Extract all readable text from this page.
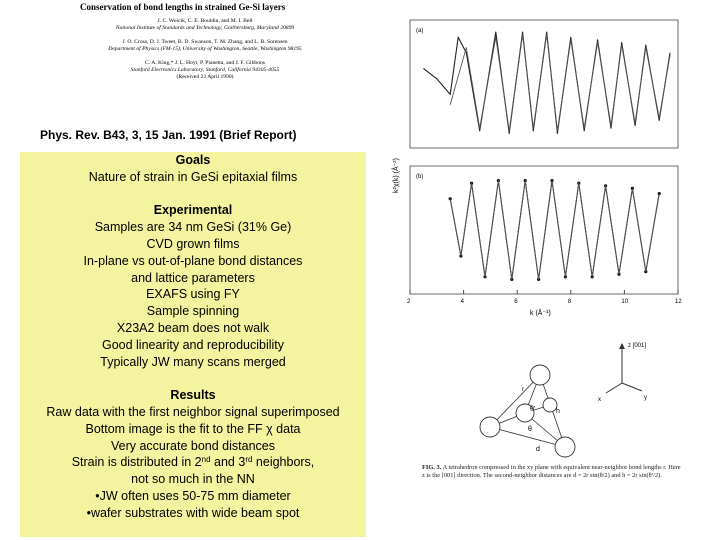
Conservation of bond lengths in strained Ge-Si layers
J. C. Woicik, C. E. Bouldin, and M. I. Bell
National Institute of Standards and Technology, Gaithersburg, Maryland 20899
J. O. Cross, D. J. Tweet, B. D. Swanson, T. M. Zhang, and L. B. Sorensen
Department of Physics (FM-15), University of Washington, Seattle, Washington 98195
C. A. King,* J. L. Hoyt, P. Pianetta, and J. F. Gibbons
Stanford Electronics Laboratory, Stanford, California 94305-4055
(Received 23 April 1990)
Phys. Rev. B43, 3, 15 Jan. 1991 (Brief Report)
Goals
Nature of strain in GeSi epitaxial films
Experimental
Samples are 34 nm GeSi (31% Ge)
CVD grown films
In-plane vs out-of-plane bond distances
and lattice parameters
EXAFS using FY
Sample spinning
X23A2 beam does not walk
Good linearity and reproducibility
Typically JW many scans merged
Results
Raw data with the first neighbor signal superimposed
Bottom image is the fit to the FF χ data
Very accurate bond distances
Strain is distributed in 2nd and 3rd neighbors,
not so much in the NN
•JW often uses 50-75 mm diameter
•wafer substrates with wide beam spot
(a)
(b)
k²χ(k) (Å⁻²)
k (Å⁻¹)
2	4	6	8	10	12
z [001]
x	y
r
θ'	h
θ
d
FIG. 3. A tetrahedron compressed in the xy plane with equivalent near-neighbor bond lengths r. Here z is the [001] direction. The second-neighbor distances are d = 2r sin(θ/2) and h = 2r sin(θ′/2).
